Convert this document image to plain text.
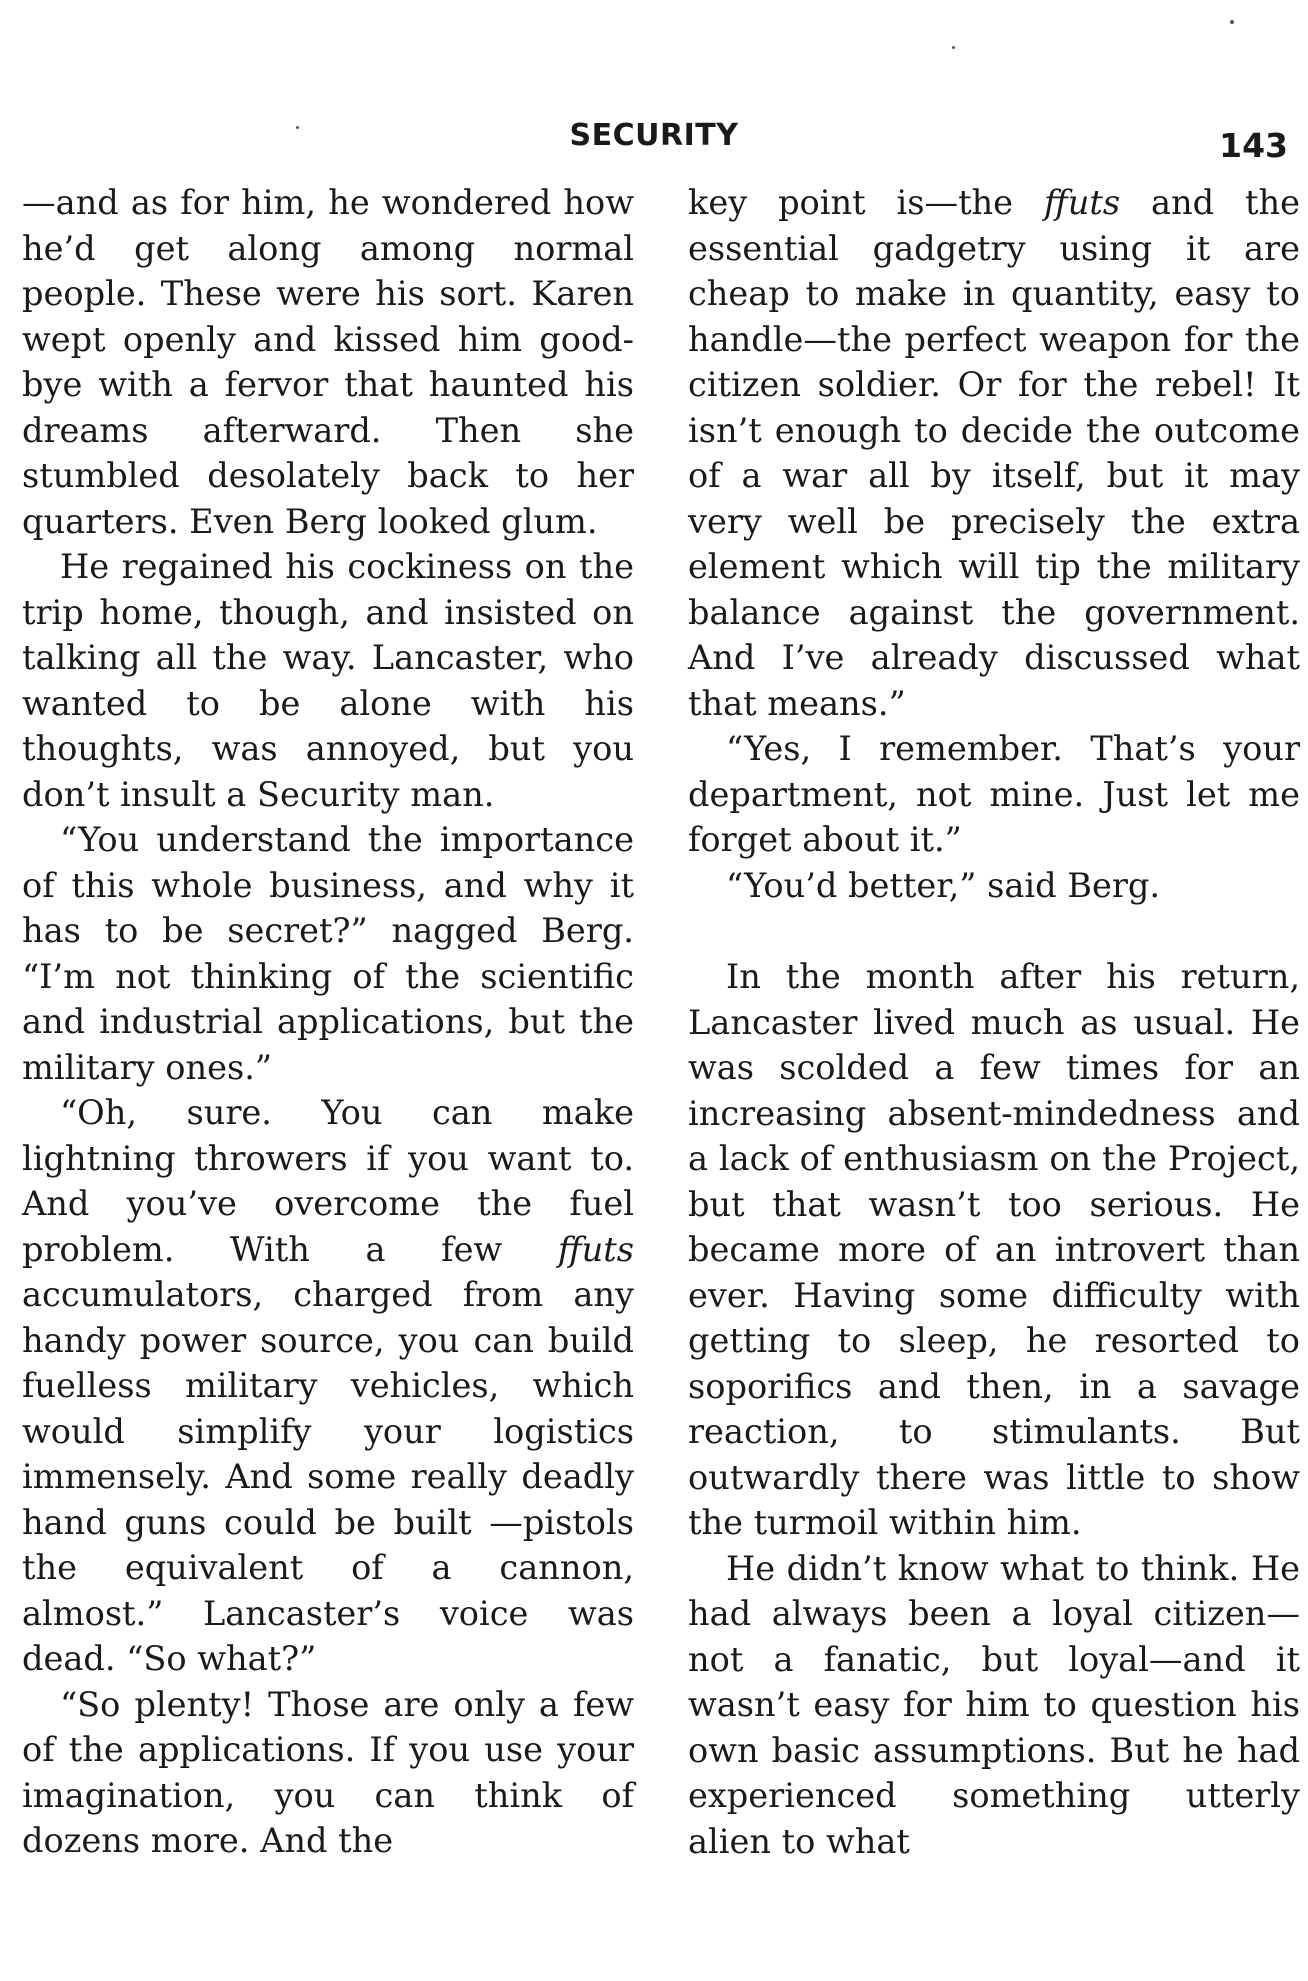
SECURITY	143

—and as for him, he wondered how he’d get along among normal people. These were his sort. Karen wept openly and kissed him good-bye with a fervor that haunted his dreams afterward. Then she stumbled desolately back to her quarters. Even Berg looked glum.

He regained his cockiness on the trip home, though, and insisted on talking all the way. Lancaster, who wanted to be alone with his thoughts, was annoyed, but you don’t insult a Security man.

“You understand the importance of this whole business, and why it has to be secret?” nagged Berg. “I’m not thinking of the scientific and industrial applications, but the military ones.”

“Oh, sure. You can make lightning throwers if you want to. And you’ve overcome the fuel problem. With a few ffuts accumulators, charged from any handy power source, you can build fuelless military vehicles, which would simplify your logistics immensely. And some really deadly hand guns could be built —pistols the equivalent of a cannon, almost.” Lancaster’s voice was dead. “So what?”

“So plenty! Those are only a few of the applications. If you use your imagination, you can think of dozens more. And the

key point is—the ffuts and the essential gadgetry using it are cheap to make in quantity, easy to handle—the perfect weapon for the citizen soldier. Or for the rebel! It isn’t enough to decide the outcome of a war all by itself, but it may very well be precisely the extra element which will tip the military balance against the government. And I’ve already discussed what that means.”

“Yes, I remember. That’s your department, not mine. Just let me forget about it.”

“You’d better,” said Berg.

In the month after his return, Lancaster lived much as usual. He was scolded a few times for an increasing absent-mindedness and a lack of enthusiasm on the Project, but that wasn’t too serious. He became more of an introvert than ever. Having some difficulty with getting to sleep, he resorted to soporifics and then, in a savage reaction, to stimulants. But outwardly there was little to show the turmoil within him.

He didn’t know what to think. He had always been a loyal citizen—not a fanatic, but loyal—and it wasn’t easy for him to question his own basic assumptions. But he had experienced something utterly alien to what
